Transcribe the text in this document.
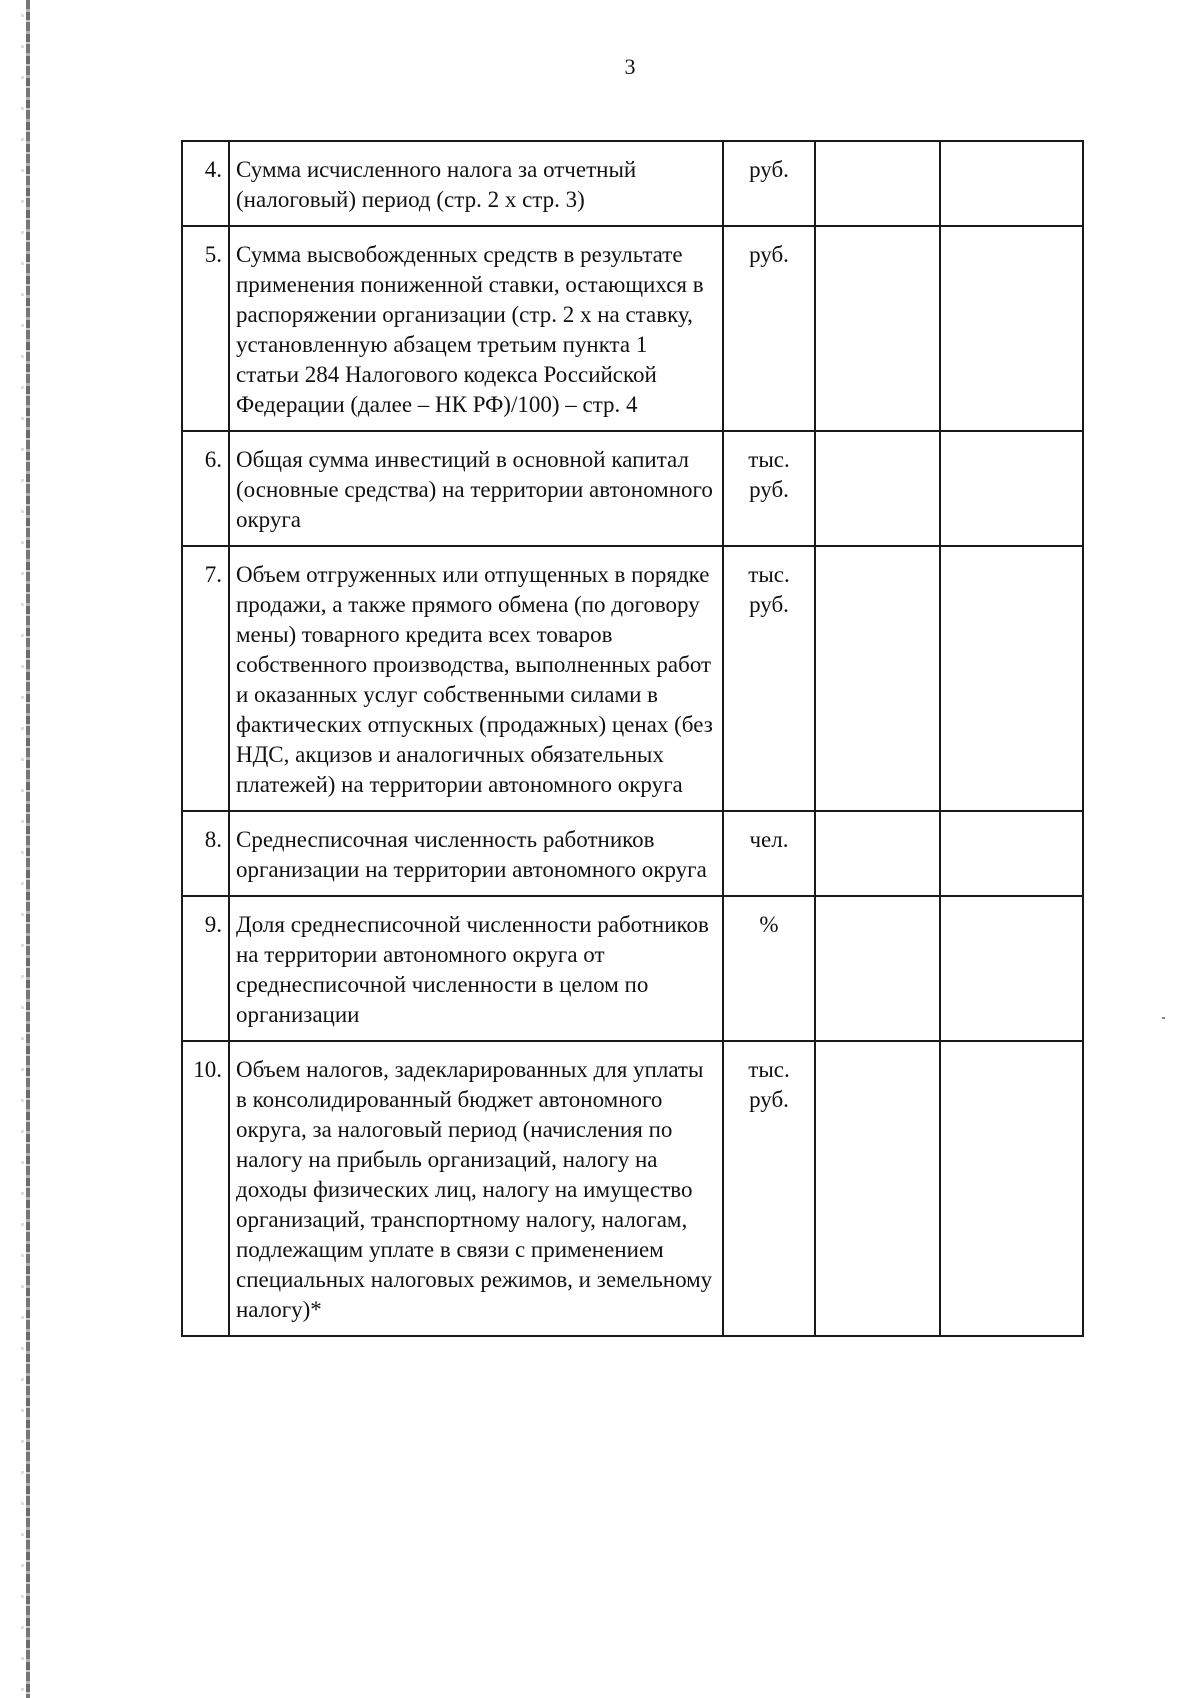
3
4.	Сумма исчисленного налога за отчетный (налоговый) период (стр. 2 х стр. 3)	руб.		
5.	Сумма высвобожденных средств в результате применения пониженной ставки, остающихся в распоряжении организации (стр. 2 х на ставку, установленную абзацем третьим пункта 1 статьи 284 Налогового кодекса Российской Федерации (далее – НК РФ)/100) – стр. 4	руб.		
6.	Общая сумма инвестиций в основной капитал (основные средства) на территории автономного округа	тыс. руб.		
7.	Объем отгруженных или отпущенных в порядке продажи, а также прямого обмена (по договору мены) товарного кредита всех товаров собственного производства, выполненных работ и оказанных услуг собственными силами в фактических отпускных (продажных) ценах (без НДС, акцизов и аналогичных обязательных платежей) на территории автономного округа	тыс. руб.		
8.	Среднесписочная численность работников организации на территории автономного округа	чел.		
9.	Доля среднесписочной численности работников на территории автономного округа от среднесписочной численности в целом по организации	%		
10.	Объем налогов, задекларированных для уплаты в консолидированный бюджет автономного округа, за налоговый период (начисления по налогу на прибыль организаций, налогу на доходы физических лиц, налогу на имущество организаций, транспортному налогу, налогам, подлежащим уплате в связи с применением специальных налоговых режимов, и земельному налогу)*	тыс. руб.		
